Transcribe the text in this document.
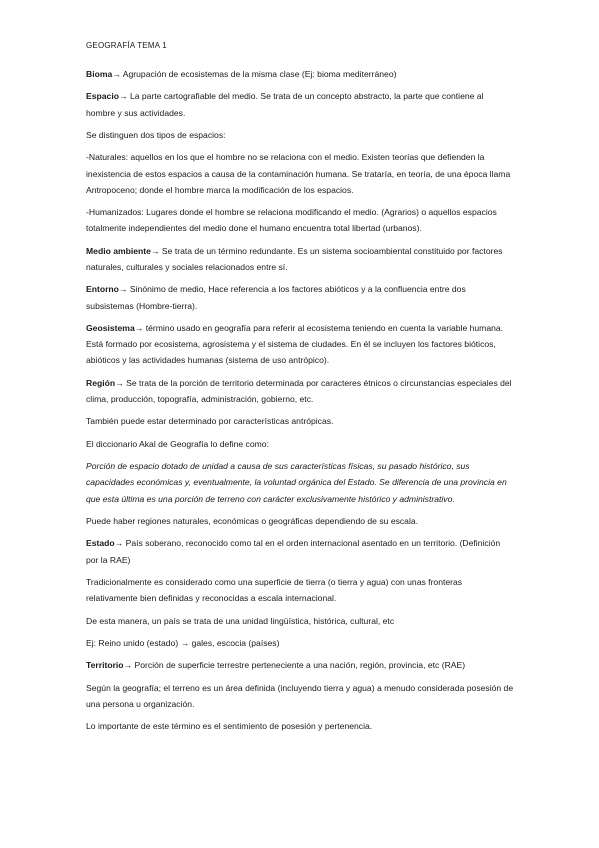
GEOGRAFÍA TEMA 1

Bioma→ Agrupación de ecosistemas de la misma clase (Ej: bioma mediterráneo)

Espacio→ La parte cartografiable del medio. Se trata de un concepto abstracto, la parte que contiene al hombre y sus actividades.

Se distinguen dos tipos de espacios:

-Naturales: aquellos en los que el hombre no se relaciona con el medio. Existen teorías que defienden la inexistencia de estos espacios a causa de la contaminación humana. Se trataría, en teoría, de una época llama Antropoceno; donde el hombre marca la modificación de los espacios.

-Humanizados: Lugares donde el hombre se relaciona modificando el medio. (Agrarios) o aquellos espacios totalmente independientes del medio done el humano encuentra total libertad (urbanos).

Medio ambiente→ Se trata de un término redundante. Es un sistema socioambiental constituido por factores naturales, culturales y sociales relacionados entre sí.

Entorno→ Sinónimo de medio, Hace referencia a los factores abióticos y a la confluencia entre dos subsistemas (Hombre-tierra).

Geosistema→ término usado en geografía para referir al ecosistema teniendo en cuenta la variable humana. Está formado por ecosistema, agrosistema y el sistema de ciudades. En él se incluyen los factores bióticos, abióticos y las actividades humanas (sistema de uso antrópico).

Región→ Se trata de la porción de territorio determinada por caracteres étnicos o circunstancias especiales del clima, producción, topografía, administración, gobierno, etc.

También puede estar determinado por características antrópicas.

El diccionario Akal de Geografía lo define como:

Porción de espacio dotado de unidad a causa de sus características físicas, su pasado histórico, sus capacidades económicas y, eventualmente, la voluntad orgánica del Estado. Se diferencia de una provincia en que esta última es una porción de terreno con carácter exclusivamente histórico y administrativo.

Puede haber regiones naturales, económicas o geográficas dependiendo de su escala.

Estado→ País soberano, reconocido como tal en el orden internacional asentado en un territorio. (Definición por la RAE)

Tradicionalmente es considerado como una superficie de tierra (o tierra y agua) con unas fronteras relativamente bien definidas y reconocidas a escala internacional.

De esta manera, un país se trata de una unidad lingüística, histórica, cultural, etc

Ej: Reino unido (estado) → gales, escocia (países)

Territorio→ Porción de superficie terrestre perteneciente a una nación, región, provincia, etc (RAE)

Según la geografía; el terreno es un área definida (incluyendo tierra y agua) a menudo considerada posesión de una persona u organización.

Lo importante de este término es el sentimiento de posesión y pertenencia.
